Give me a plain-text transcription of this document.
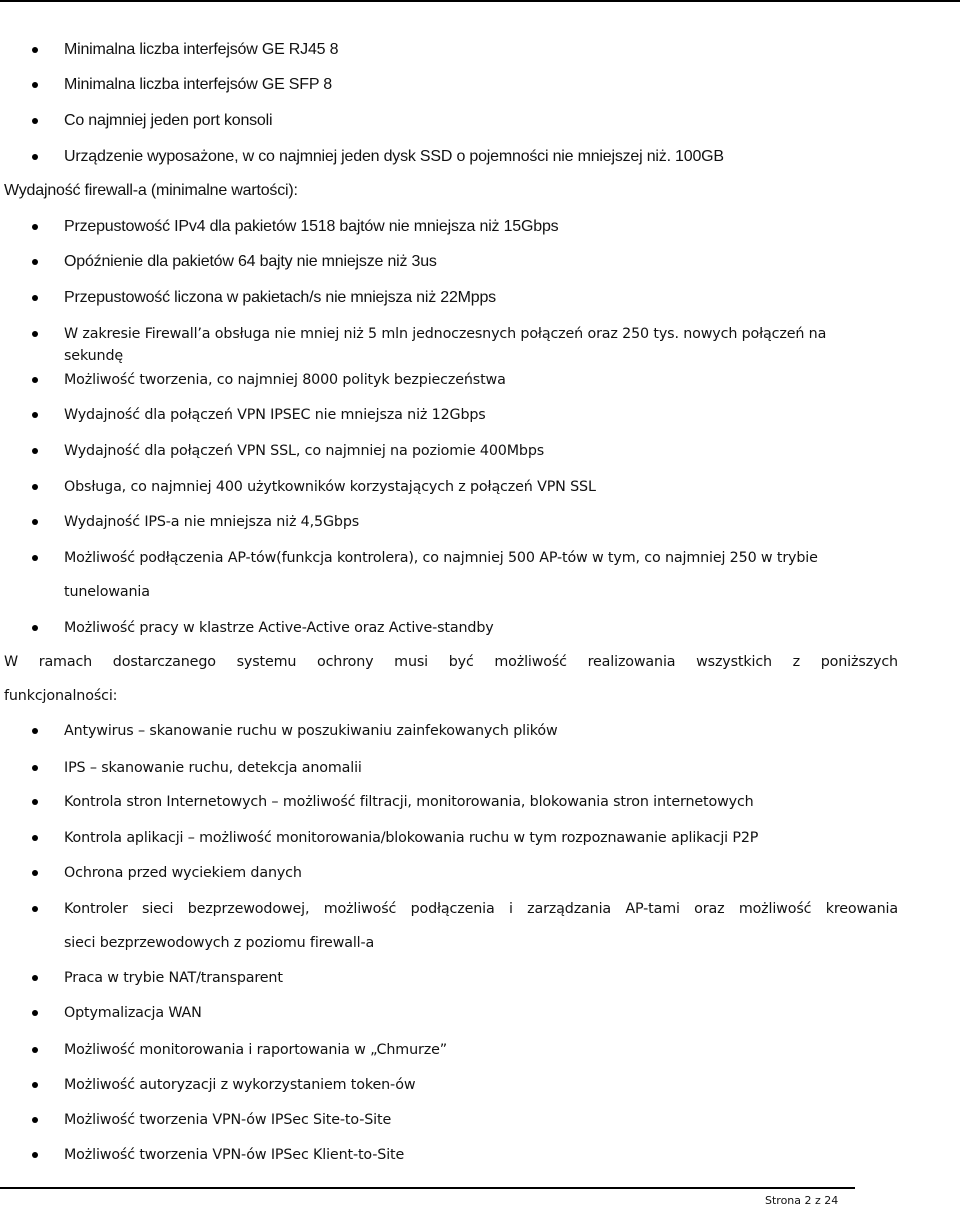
Minimalna liczba interfejsów GE RJ45 8
Minimalna liczba interfejsów GE SFP 8
Co najmniej jeden port konsoli
Urządzenie wyposażone, w co najmniej jeden dysk SSD o pojemności nie mniejszej niż. 100GB
Wydajność firewall-a (minimalne wartości):
Przepustowość IPv4 dla pakietów 1518 bajtów nie mniejsza niż 15Gbps
Opóźnienie dla pakietów 64 bajty nie mniejsze niż 3us
Przepustowość liczona w pakietach/s nie mniejsza niż 22Mpps
W zakresie Firewall’a obsługa nie mniej niż 5 mln jednoczesnych połączeń oraz 250 tys. nowych połączeń na
sekundę
Możliwość tworzenia, co najmniej 8000 polityk bezpieczeństwa
Wydajność dla połączeń VPN IPSEC nie mniejsza niż 12Gbps
Wydajność dla połączeń VPN SSL, co najmniej na poziomie 400Mbps
Obsługa, co najmniej 400 użytkowników korzystających z połączeń VPN SSL
Wydajność IPS-a nie mniejsza niż 4,5Gbps
Możliwość podłączenia AP-tów(funkcja kontrolera), co najmniej 500 AP-tów w tym, co najmniej 250 w trybie
tunelowania
Możliwość pracy w klastrze Active-Active oraz Active-standby
W ramach dostarczanego systemu ochrony musi być możliwość realizowania wszystkich z poniższych
funkcjonalności:
Antywirus – skanowanie ruchu w poszukiwaniu zainfekowanych plików
IPS – skanowanie ruchu, detekcja anomalii
Kontrola stron Internetowych – możliwość filtracji, monitorowania, blokowania stron internetowych
Kontrola aplikacji – możliwość monitorowania/blokowania ruchu w tym rozpoznawanie aplikacji P2P
Ochrona przed wyciekiem danych
Kontroler sieci bezprzewodowej, możliwość podłączenia i zarządzania AP-tami oraz możliwość kreowania
sieci bezprzewodowych z poziomu firewall-a
Praca w trybie NAT/transparent
Optymalizacja WAN
Możliwość monitorowania i raportowania w „Chmurze”
Możliwość autoryzacji z wykorzystaniem token-ów
Możliwość tworzenia VPN-ów IPSec Site-to-Site
Możliwość tworzenia VPN-ów IPSec Klient-to-Site
Strona 2 z 24
